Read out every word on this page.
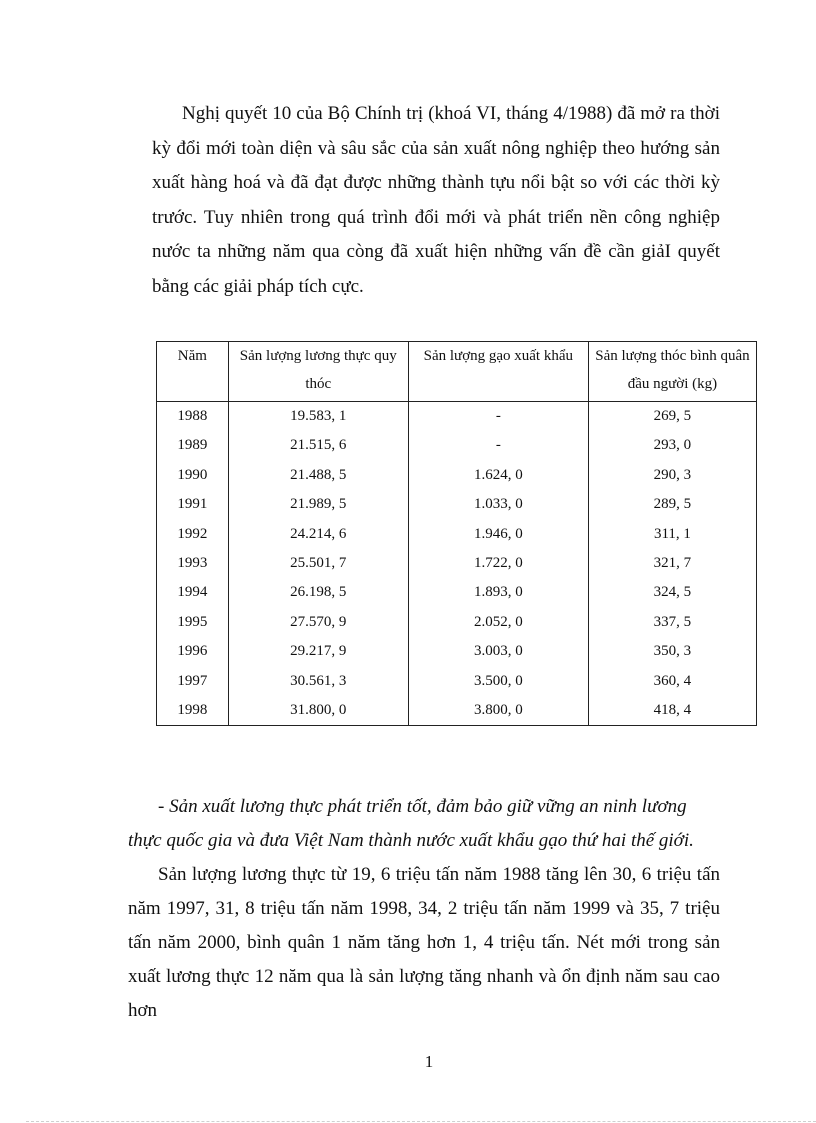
Nghị quyết 10 của Bộ Chính trị (khoá VI, tháng 4/1988) đã mở ra thời kỳ đổi mới toàn diện và sâu sắc của sản xuất nông nghiệp theo hướng sản xuất hàng hoá và đã đạt được những thành tựu nổi bật so với các thời kỳ trước. Tuy nhiên trong quá trình đổi mới và phát triển nền công nghiệp nước ta những năm qua còng đã xuất hiện những vấn đề cần giảI quyết bằng các giải pháp tích cực.

Năm	Sản lượng lương thực quy thóc	Sản lượng gạo xuất khẩu	Sản lượng thóc bình quân đầu người (kg)
1988	19.583, 1	-	269, 5
1989	21.515, 6	-	293, 0
1990	21.488, 5	1.624, 0	290, 3
1991	21.989, 5	1.033, 0	289, 5
1992	24.214, 6	1.946, 0	311, 1
1993	25.501, 7	1.722, 0	321, 7
1994	26.198, 5	1.893, 0	324, 5
1995	27.570, 9	2.052, 0	337, 5
1996	29.217, 9	3.003, 0	350, 3
1997	30.561, 3	3.500, 0	360, 4
1998	31.800, 0	3.800, 0	418, 4

- Sản xuất lương thực phát triển tốt, đảm bảo giữ vững an ninh lương thực quốc gia và đưa Việt Nam thành nước xuất khẩu gạo thứ hai thế giới.

Sản lượng lương thực từ 19, 6 triệu tấn năm 1988 tăng lên 30, 6 triệu tấn năm 1997, 31, 8 triệu tấn năm 1998, 34, 2 triệu tấn năm 1999 và 35, 7 triệu tấn năm 2000, bình quân 1 năm tăng hơn 1, 4 triệu tấn. Nét mới trong sản xuất lương thực 12 năm qua là sản lượng tăng nhanh và ổn định năm sau cao hơn

1
